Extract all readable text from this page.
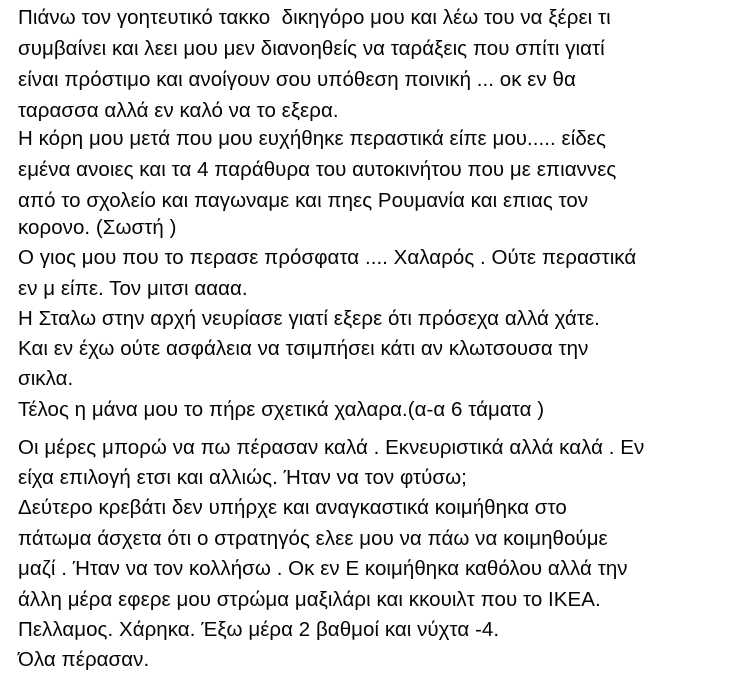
Πιάνω τον γοητευτικό τακκο  δικηγόρο μου και λέω του να ξέρει τι
συμβαίνει και λεει μου μεν διανοηθείς να ταράξεις που σπίτι γιατί
είναι πρόστιμο και ανοίγουν σου υπόθεση ποινική ... οκ εν θα
ταρασσα αλλά εν καλό να το εξερα.
Η κόρη μου μετά που μου ευχήθηκε περαστικά είπε μου..... είδες
εμένα ανοιες και τα 4 παράθυρα του αυτοκινήτου που με επιαννες
από το σχολείο και παγωναμε και πηες Ρουμανία και επιας τον
κορονο. (Σωστή )
Ο γιος μου που το περασε πρόσφατα .... Χαλαρός . Ούτε περαστικά
εν μ είπε. Τον μιτσι αααα.
Η Σταλω στην αρχή νευρίασε γιατί εξερε ότι πρόσεχα αλλά χάτε.
Και εν έχω ούτε ασφάλεια να τσιμπήσει κάτι αν κλωτσουσα την
σικλα.
Τέλος η μάνα μου το πήρε σχετικά χαλαρα.(α-α 6 τάματα )
Οι μέρες μπορώ να πω πέρασαν καλά . Εκνευριστικά αλλά καλά . Εν
είχα επιλογή ετσι και αλλιώς. Ήταν να τον φτύσω;
Δεύτερο κρεβάτι δεν υπήρχε και αναγκαστικά κοιμήθηκα στο
πάτωμα άσχετα ότι ο στρατηγός ελεε μου να πάω να κοιμηθούμε
μαζί . Ήταν να τον κολλήσω . Οκ εν Ε κοιμήθηκα καθόλου αλλά την
άλλη μέρα εφερε μου στρώμα μαξιλάρι και κκουιλτ που το ΙΚΕΑ.
Πελλαμος. Χάρηκα. Έξω μέρα 2 βαθμοί και νύχτα -4.
Όλα πέρασαν.
